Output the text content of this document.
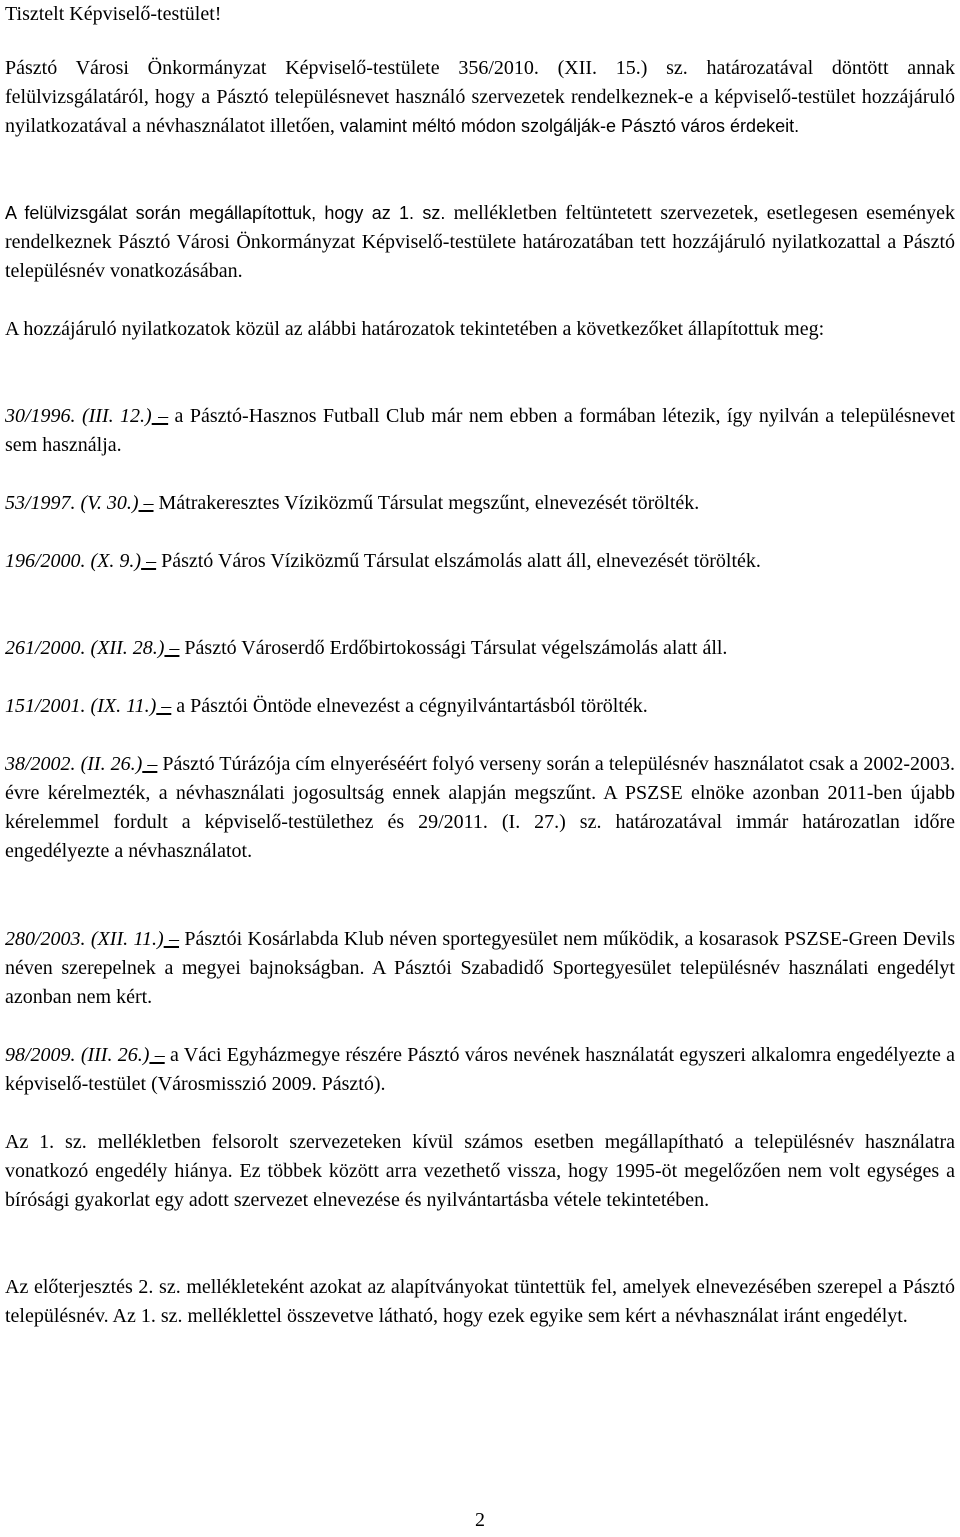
Tisztelt Képviselő-testület!

Pásztó Városi Önkormányzat Képviselő-testülete 356/2010. (XII. 15.) sz. határozatával döntött annak felülvizsgálatáról, hogy a Pásztó településnevet használó szervezetek rendelkeznek-e a képviselő-testület hozzájáruló nyilatkozatával a névhasználatot illetően, valamint méltó módon szolgálják-e Pásztó város érdekeit.

A felülvizsgálat során megállapítottuk, hogy az 1. sz. mellékletben feltüntetett szervezetek, esetlegesen események rendelkeznek Pásztó Városi Önkormányzat Képviselő-testülete határozatában tett hozzájáruló nyilatkozattal a Pásztó településnév vonatkozásában.

A hozzájáruló nyilatkozatok közül az alábbi határozatok tekintetében a következőket állapítottuk meg:

30/1996. (III. 12.) – a Pásztó-Hasznos Futball Club már nem ebben a formában létezik, így nyilván a településnevet sem használja.

53/1997. (V. 30.) – Mátrakeresztes Víziközmű Társulat megszűnt, elnevezését törölték.

196/2000. (X. 9.) – Pásztó Város Víziközmű Társulat elszámolás alatt áll, elnevezését törölték.

261/2000. (XII. 28.) – Pásztó Városerdő Erdőbirtokossági Társulat végelszámolás alatt áll.

151/2001. (IX. 11.) – a Pásztói Öntöde elnevezést a cégnyilvántartásból törölték.

38/2002. (II. 26.) – Pásztó Túrázója cím elnyeréséért folyó verseny során a településnév használatot csak a 2002-2003. évre kérelmezték, a névhasználati jogosultság ennek alapján megszűnt. A PSZSE elnöke azonban 2011-ben újabb kérelemmel fordult a képviselő-testülethez és 29/2011. (I. 27.) sz. határozatával immár határozatlan időre engedélyezte a névhasználatot.

280/2003. (XII. 11.) – Pásztói Kosárlabda Klub néven sportegyesület nem működik, a kosarasok PSZSE-Green Devils néven szerepelnek a megyei bajnokságban. A Pásztói Szabadidő Sportegyesület településnév használati engedélyt azonban nem kért.

98/2009. (III. 26.) – a Váci Egyházmegye részére Pásztó város nevének használatát egyszeri alkalomra engedélyezte a képviselő-testület (Városmisszió 2009. Pásztó).

Az 1. sz. mellékletben felsorolt szervezeteken kívül számos esetben megállapítható a településnév használatra vonatkozó engedély hiánya. Ez többek között arra vezethető vissza, hogy 1995-öt megelőzően nem volt egységes a bírósági gyakorlat egy adott szervezet elnevezése és nyilvántartásba vétele tekintetében.

Az előterjesztés 2. sz. mellékleteként azokat az alapítványokat tüntettük fel, amelyek elnevezésében szerepel a Pásztó településnév. Az 1. sz. melléklettel összevetve látható, hogy ezek egyike sem kért a névhasználat iránt engedélyt.

2
